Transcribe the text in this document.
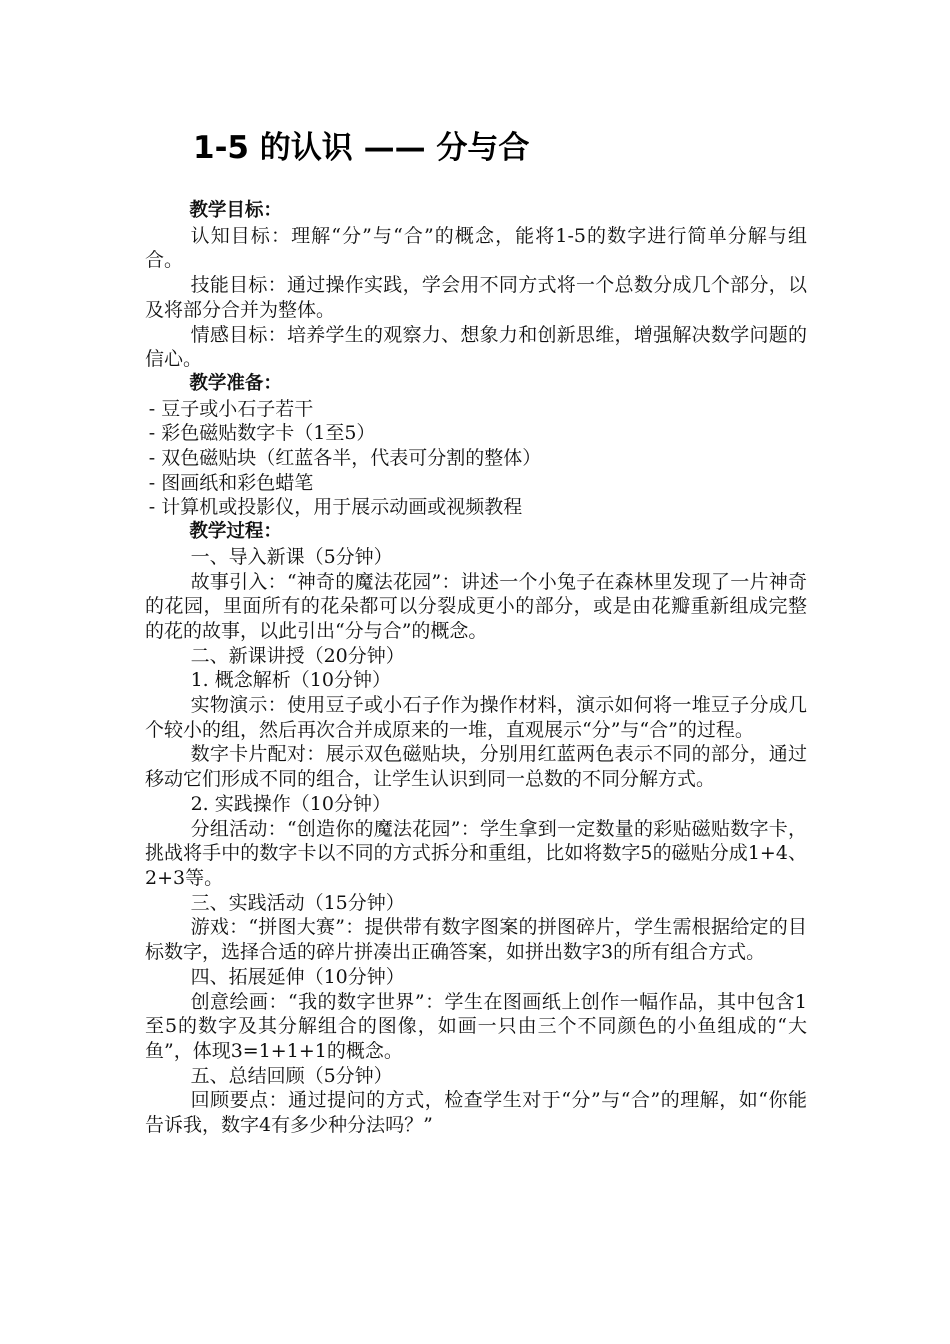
1-5 的认识 —— 分与合

教学目标：

认知目标：理解“分”与“合”的概念，能将1-5的数字进行简单分解与组合。

技能目标：通过操作实践，学会用不同方式将一个总数分成几个部分，以及将部分合并为整体。

情感目标：培养学生的观察力、想象力和创新思维，增强解决数学问题的信心。

教学准备：

- 豆子或小石子若干

- 彩色磁贴数字卡（1至5）

- 双色磁贴块（红蓝各半，代表可分割的整体）

- 图画纸和彩色蜡笔

- 计算机或投影仪，用于展示动画或视频教程

教学过程：

一、导入新课（5分钟）

故事引入：“神奇的魔法花园”：讲述一个小兔子在森林里发现了一片神奇的花园，里面所有的花朵都可以分裂成更小的部分，或是由花瓣重新组成完整的花的故事，以此引出“分与合”的概念。

二、新课讲授（20分钟）

1. 概念解析（10分钟）

实物演示：使用豆子或小石子作为操作材料，演示如何将一堆豆子分成几个较小的组，然后再次合并成原来的一堆，直观展示“分”与“合”的过程。

数字卡片配对：展示双色磁贴块，分别用红蓝两色表示不同的部分，通过移动它们形成不同的组合，让学生认识到同一总数的不同分解方式。

2. 实践操作（10分钟）

分组活动：“创造你的魔法花园”：学生拿到一定数量的彩贴磁贴数字卡，挑战将手中的数字卡以不同的方式拆分和重组，比如将数字5的磁贴分成1+4、2+3等。

三、实践活动（15分钟）

游戏：“拼图大赛”：提供带有数字图案的拼图碎片，学生需根据给定的目标数字，选择合适的碎片拼凑出正确答案，如拼出数字3的所有组合方式。

四、拓展延伸（10分钟）

创意绘画：“我的数字世界”：学生在图画纸上创作一幅作品，其中包含1至5的数字及其分解组合的图像，如画一只由三个不同颜色的小鱼组成的“大鱼”，体现3=1+1+1的概念。

五、总结回顾（5分钟）

回顾要点：通过提问的方式，检查学生对于“分”与“合”的理解，如“你能告诉我，数字4有多少种分法吗？”
